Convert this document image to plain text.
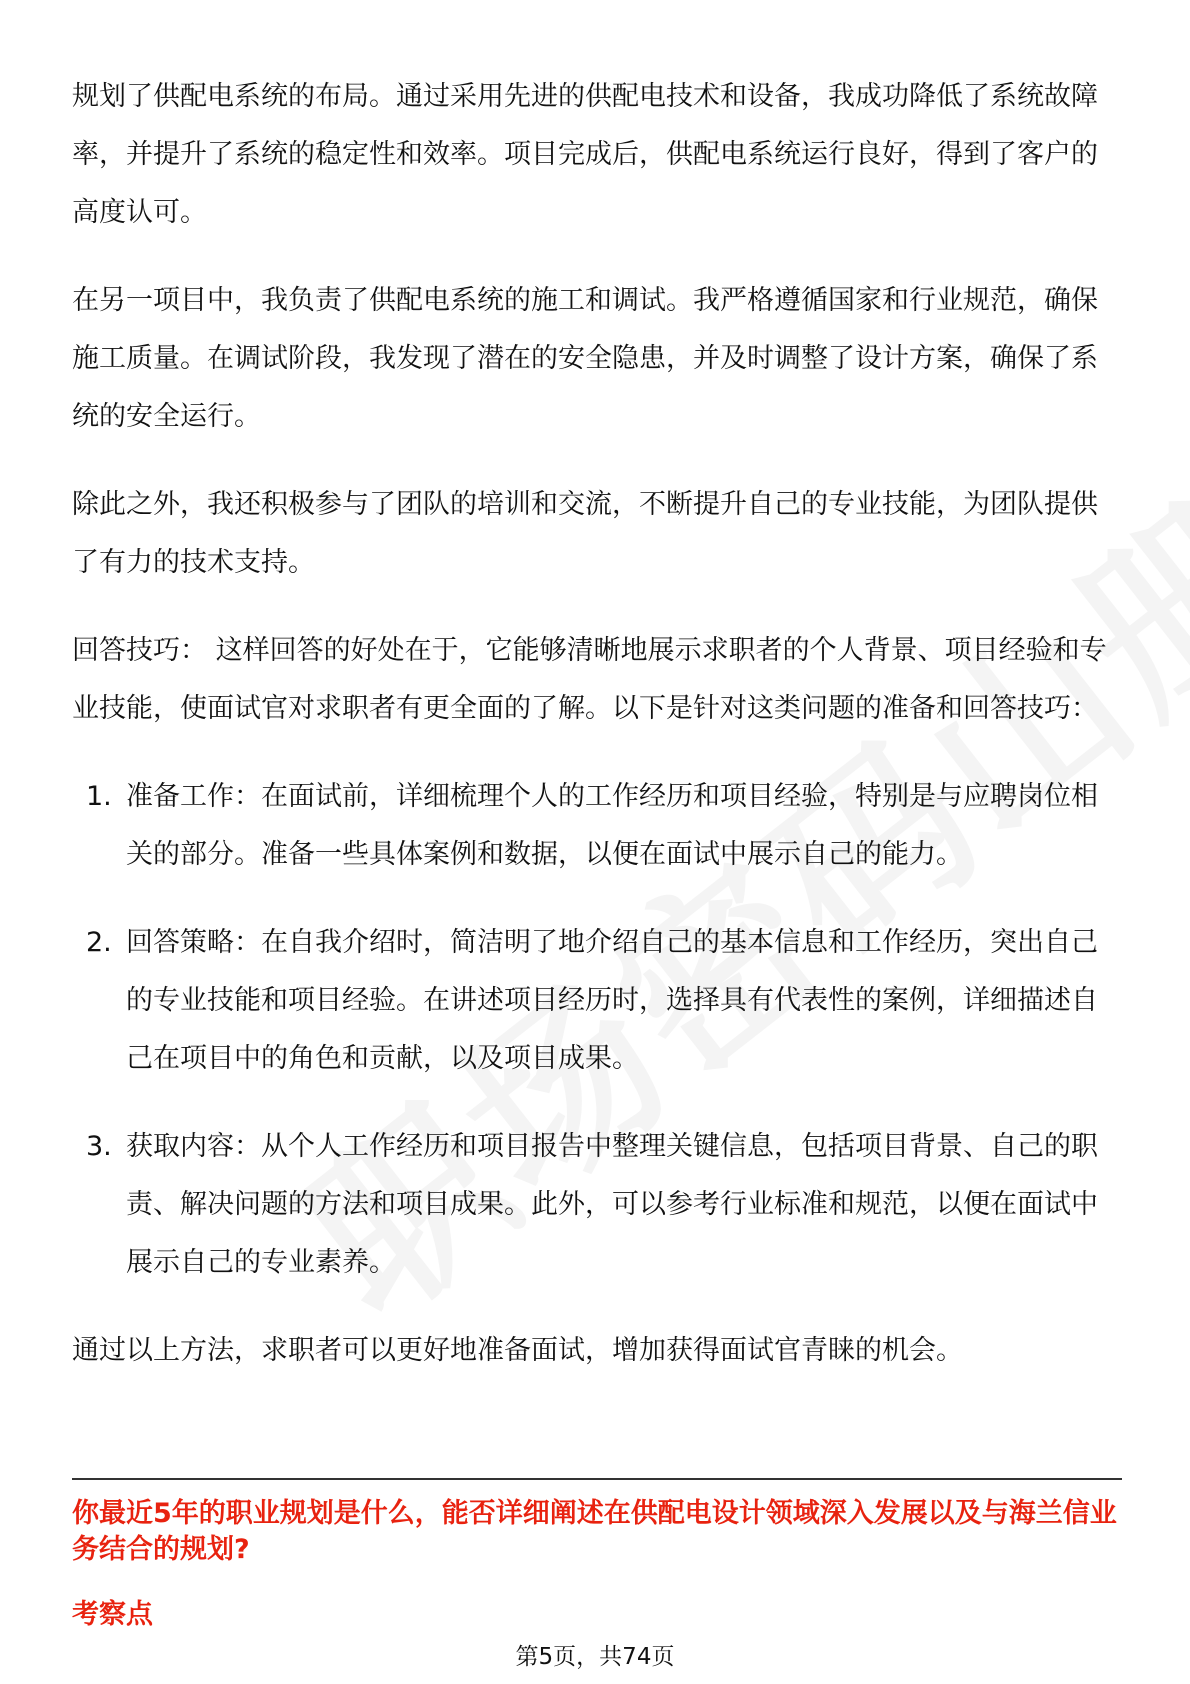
规划了供配电系统的布局。通过采用先进的供配电技术和设备，我成功降低了系统故障率，并提升了系统的稳定性和效率。项目完成后，供配电系统运行良好，得到了客户的高度认可。

在另一项目中，我负责了供配电系统的施工和调试。我严格遵循国家和行业规范，确保施工质量。在调试阶段，我发现了潜在的安全隐患，并及时调整了设计方案，确保了系统的安全运行。

除此之外，我还积极参与了团队的培训和交流，不断提升自己的专业技能，为团队提供了有力的技术支持。

回答技巧： 这样回答的好处在于，它能够清晰地展示求职者的个人背景、项目经验和专业技能，使面试官对求职者有更全面的了解。以下是针对这类问题的准备和回答技巧：

1. 准备工作：在面试前，详细梳理个人的工作经历和项目经验，特别是与应聘岗位相关的部分。准备一些具体案例和数据，以便在面试中展示自己的能力。
2. 回答策略：在自我介绍时，简洁明了地介绍自己的基本信息和工作经历，突出自己的专业技能和项目经验。在讲述项目经历时，选择具有代表性的案例，详细描述自己在项目中的角色和贡献，以及项目成果。
3. 获取内容：从个人工作经历和项目报告中整理关键信息，包括项目背景、自己的职责、解决问题的方法和项目成果。此外，可以参考行业标准和规范，以便在面试中展示自己的专业素养。

通过以上方法，求职者可以更好地准备面试，增加获得面试官青睐的机会。

你最近5年的职业规划是什么，能否详细阐述在供配电设计领域深入发展以及与海兰信业务结合的规划?
考察点
第5页，共74页
